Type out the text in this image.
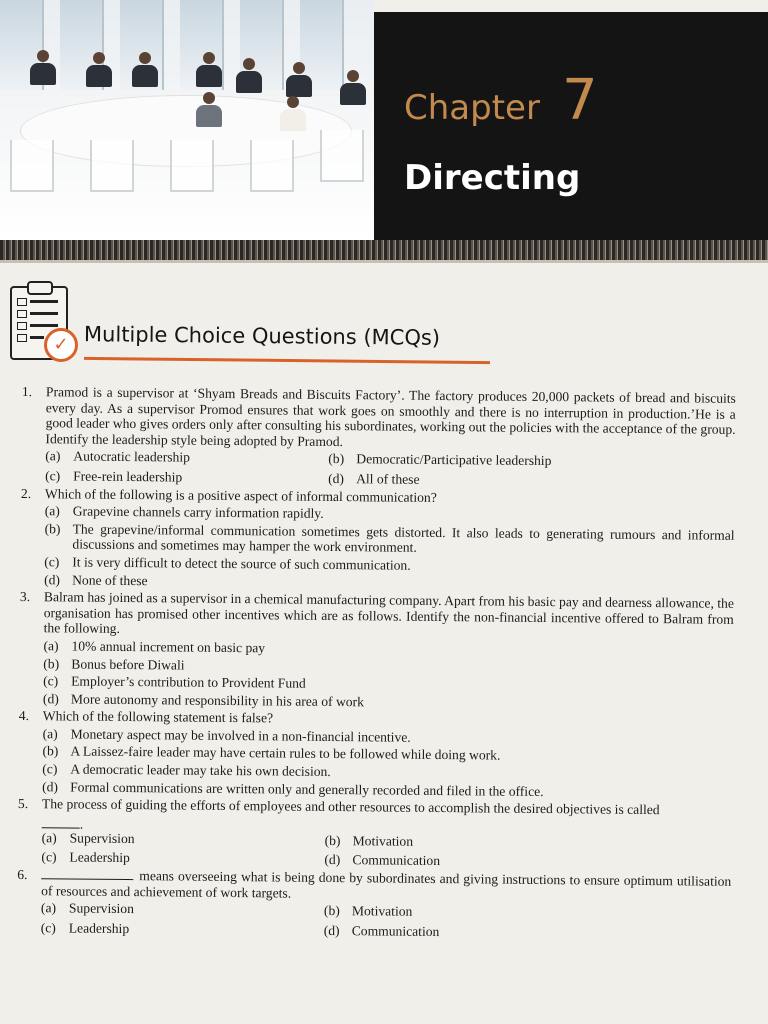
Chapter 7
Directing
✓ Multiple Choice Questions (MCQs)
1. Pramod is a supervisor at ‘Shyam Breads and Biscuits Factory’. The factory produces 20,000 packets of bread and biscuits every day. As a supervisor Promod ensures that work goes on smoothly and there is no interruption in production.’He is a good leader who gives orders only after consulting his subordinates, working out the policies with the acceptance of the group. Identify the leadership style being adopted by Pramod.
(a) Autocratic leadership	(b) Democratic/Participative leadership
(c) Free-rein leadership	(d) All of these
2. Which of the following is a positive aspect of informal communication?
(a) Grapevine channels carry information rapidly.
(b) The grapevine/informal communication sometimes gets distorted. It also leads to generating rumours and informal discussions and sometimes may hamper the work environment.
(c) It is very difficult to detect the source of such communication.
(d) None of these
3. Balram has joined as a supervisor in a chemical manufacturing company. Apart from his basic pay and dearness allowance, the organisation has promised other incentives which are as follows. Identify the non-financial incentive offered to Balram from the following.
(a) 10% annual increment on basic pay
(b) Bonus before Diwali
(c) Employer’s contribution to Provident Fund
(d) More autonomy and responsibility in his area of work
4. Which of the following statement is false?
(a) Monetary aspect may be involved in a non-financial incentive.
(b) A Laissez-faire leader may have certain rules to be followed while doing work.
(c) A democratic leader may take his own decision.
(d) Formal communications are written only and generally recorded and filed in the office.
5. The process of guiding the efforts of employees and other resources to accomplish the desired objectives is called
.
(a) Supervision	(b) Motivation
(c) Leadership	(d) Communication
6.	means overseeing what is being done by subordinates and giving instructions to ensure optimum utilisation of resources and achievement of work targets.
(a) Supervision	(b) Motivation
(c) Leadership	(d) Communication
